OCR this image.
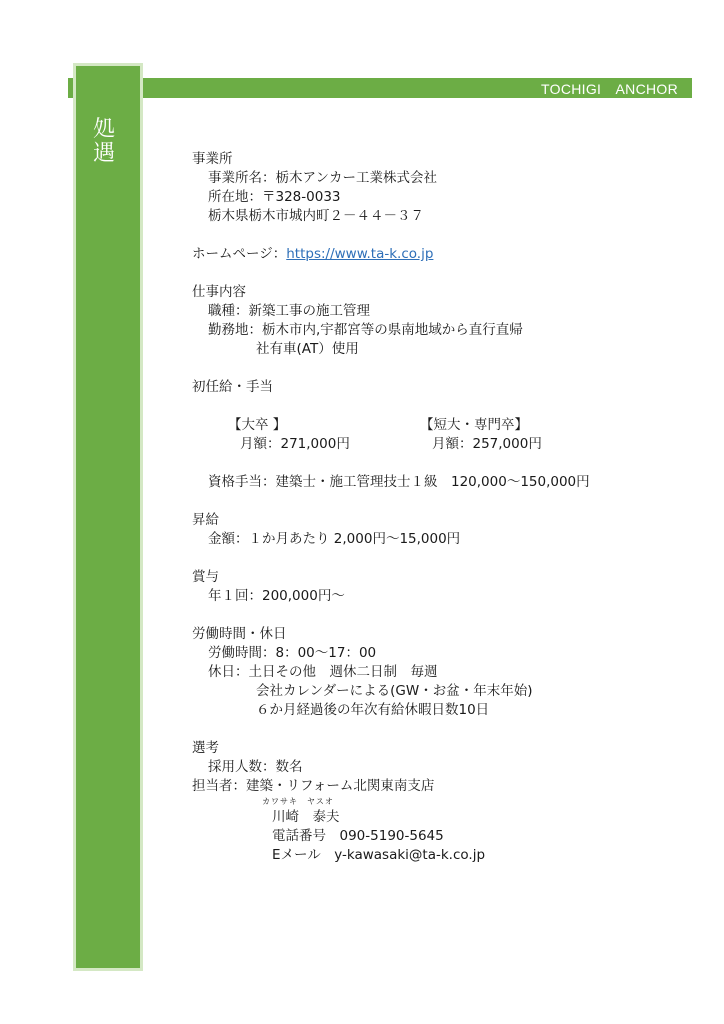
TOCHIGI　ANCHOR
処
遇	事業所
事業所名：栃木アンカー工業株式会社
所在地：〒328-0033
栃木県栃木市城内町２－４４－３７
ホームページ：https://www.ta-k.co.jp
仕事内容
職種：新築工事の施工管理
勤務地：栃木市内,宇都宮等の県南地域から直行直帰
社有車(AT）使用
初任給・手当
【大卒 】
月額：271,000円
【短大・専門卒】
月額：257,000円
資格手当：建築士・施工管理技士１級　120,000～150,000円
昇給
金額：１か月あたり 2,000円～15,000円
賞与
年１回：200,000円～
労働時間・休日
労働時間：8：00～17：00
休日：土日その他　週休二日制　毎週
会社カレンダーによる(GW・お盆・年末年始)
６か月経過後の年次有給休暇日数10日
選考
採用人数：数名
担当者：建築・リフォーム北関東南支店
カワサキ　ヤスオ
川崎　泰夫
電話番号　090-5190-5645
Eメール　y-kawasaki@ta-k.co.jp
